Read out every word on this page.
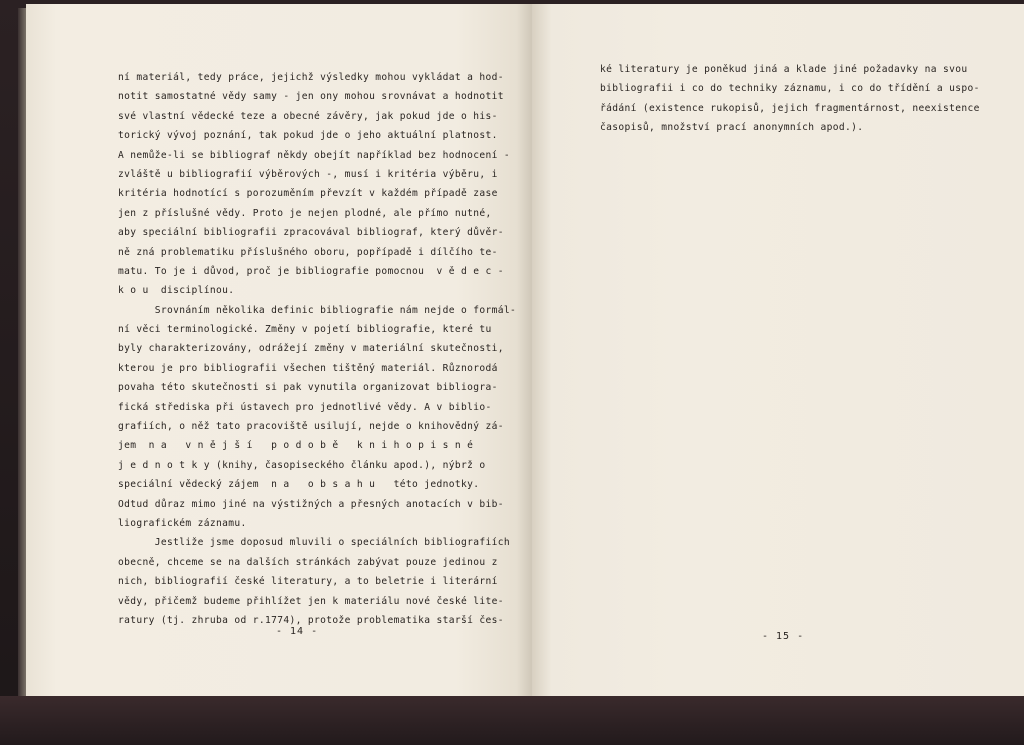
ní materiál, tedy práce, jejichž výsledky mohou vykládat a hod-
notit samostatné vědy samy - jen ony mohou srovnávat a hodnotit
své vlastní vědecké teze a obecné závěry, jak pokud jde o his-
torický vývoj poznání, tak pokud jde o jeho aktuální platnost.
A nemůže-li se bibliograf někdy obejít například bez hodnocení -
zvláště u bibliografií výběrových -, musí i kritéria výběru, i
kritéria hodnotící s porozuměním převzít v každém případě zase
jen z příslušné vědy. Proto je nejen plodné, ale přímo nutné,
aby speciální bibliografii zpracovával bibliograf, který důvěr-
ně zná problematiku příslušného oboru, popřípadě i dílčího te-
matu. To je i důvod, proč je bibliografie pomocnou  v ě d e c -
k o u  disciplínou.
Srovnáním několika definic bibliografie nám nejde o formál-
ní věci terminologické. Změny v pojetí bibliografie, které tu
byly charakterizovány, odrážejí změny v materiální skutečnosti,
kterou je pro bibliografii všechen tištěný materiál. Různorodá
povaha této skutečnosti si pak vynutila organizovat bibliogra-
fická střediska při ústavech pro jednotlivé vědy. A v biblio-
grafiích, o něž tato pracoviště usilují, nejde o knihovědný zá-
jem  n a   v n ě j š í   p o d o b ě   k n i h o p i s n é
j e d n o t k y (knihy, časopiseckého článku apod.), nýbrž o
speciální vědecký zájem  n a   o b s a h u   této jednotky.
Odtud důraz mimo jiné na výstižných a přesných anotacích v bib-
liografickém záznamu.
Jestliže jsme doposud mluvili o speciálních bibliografiích
obecně, chceme se na dalších stránkách zabývat pouze jedinou z
nich, bibliografií české literatury, a to beletrie i literární
vědy, přičemž budeme přihlížet jen k materiálu nové české lite-
ratury (tj. zhruba od r.1774), protože problematika starší čes-
- 14 -
ké literatury je poněkud jiná a klade jiné požadavky na svou
bibliografii i co do techniky záznamu, i co do třídění a uspo-
řádání (existence rukopisů, jejich fragmentárnost, neexistence
časopisů, množství prací anonymních apod.).
- 15 -
